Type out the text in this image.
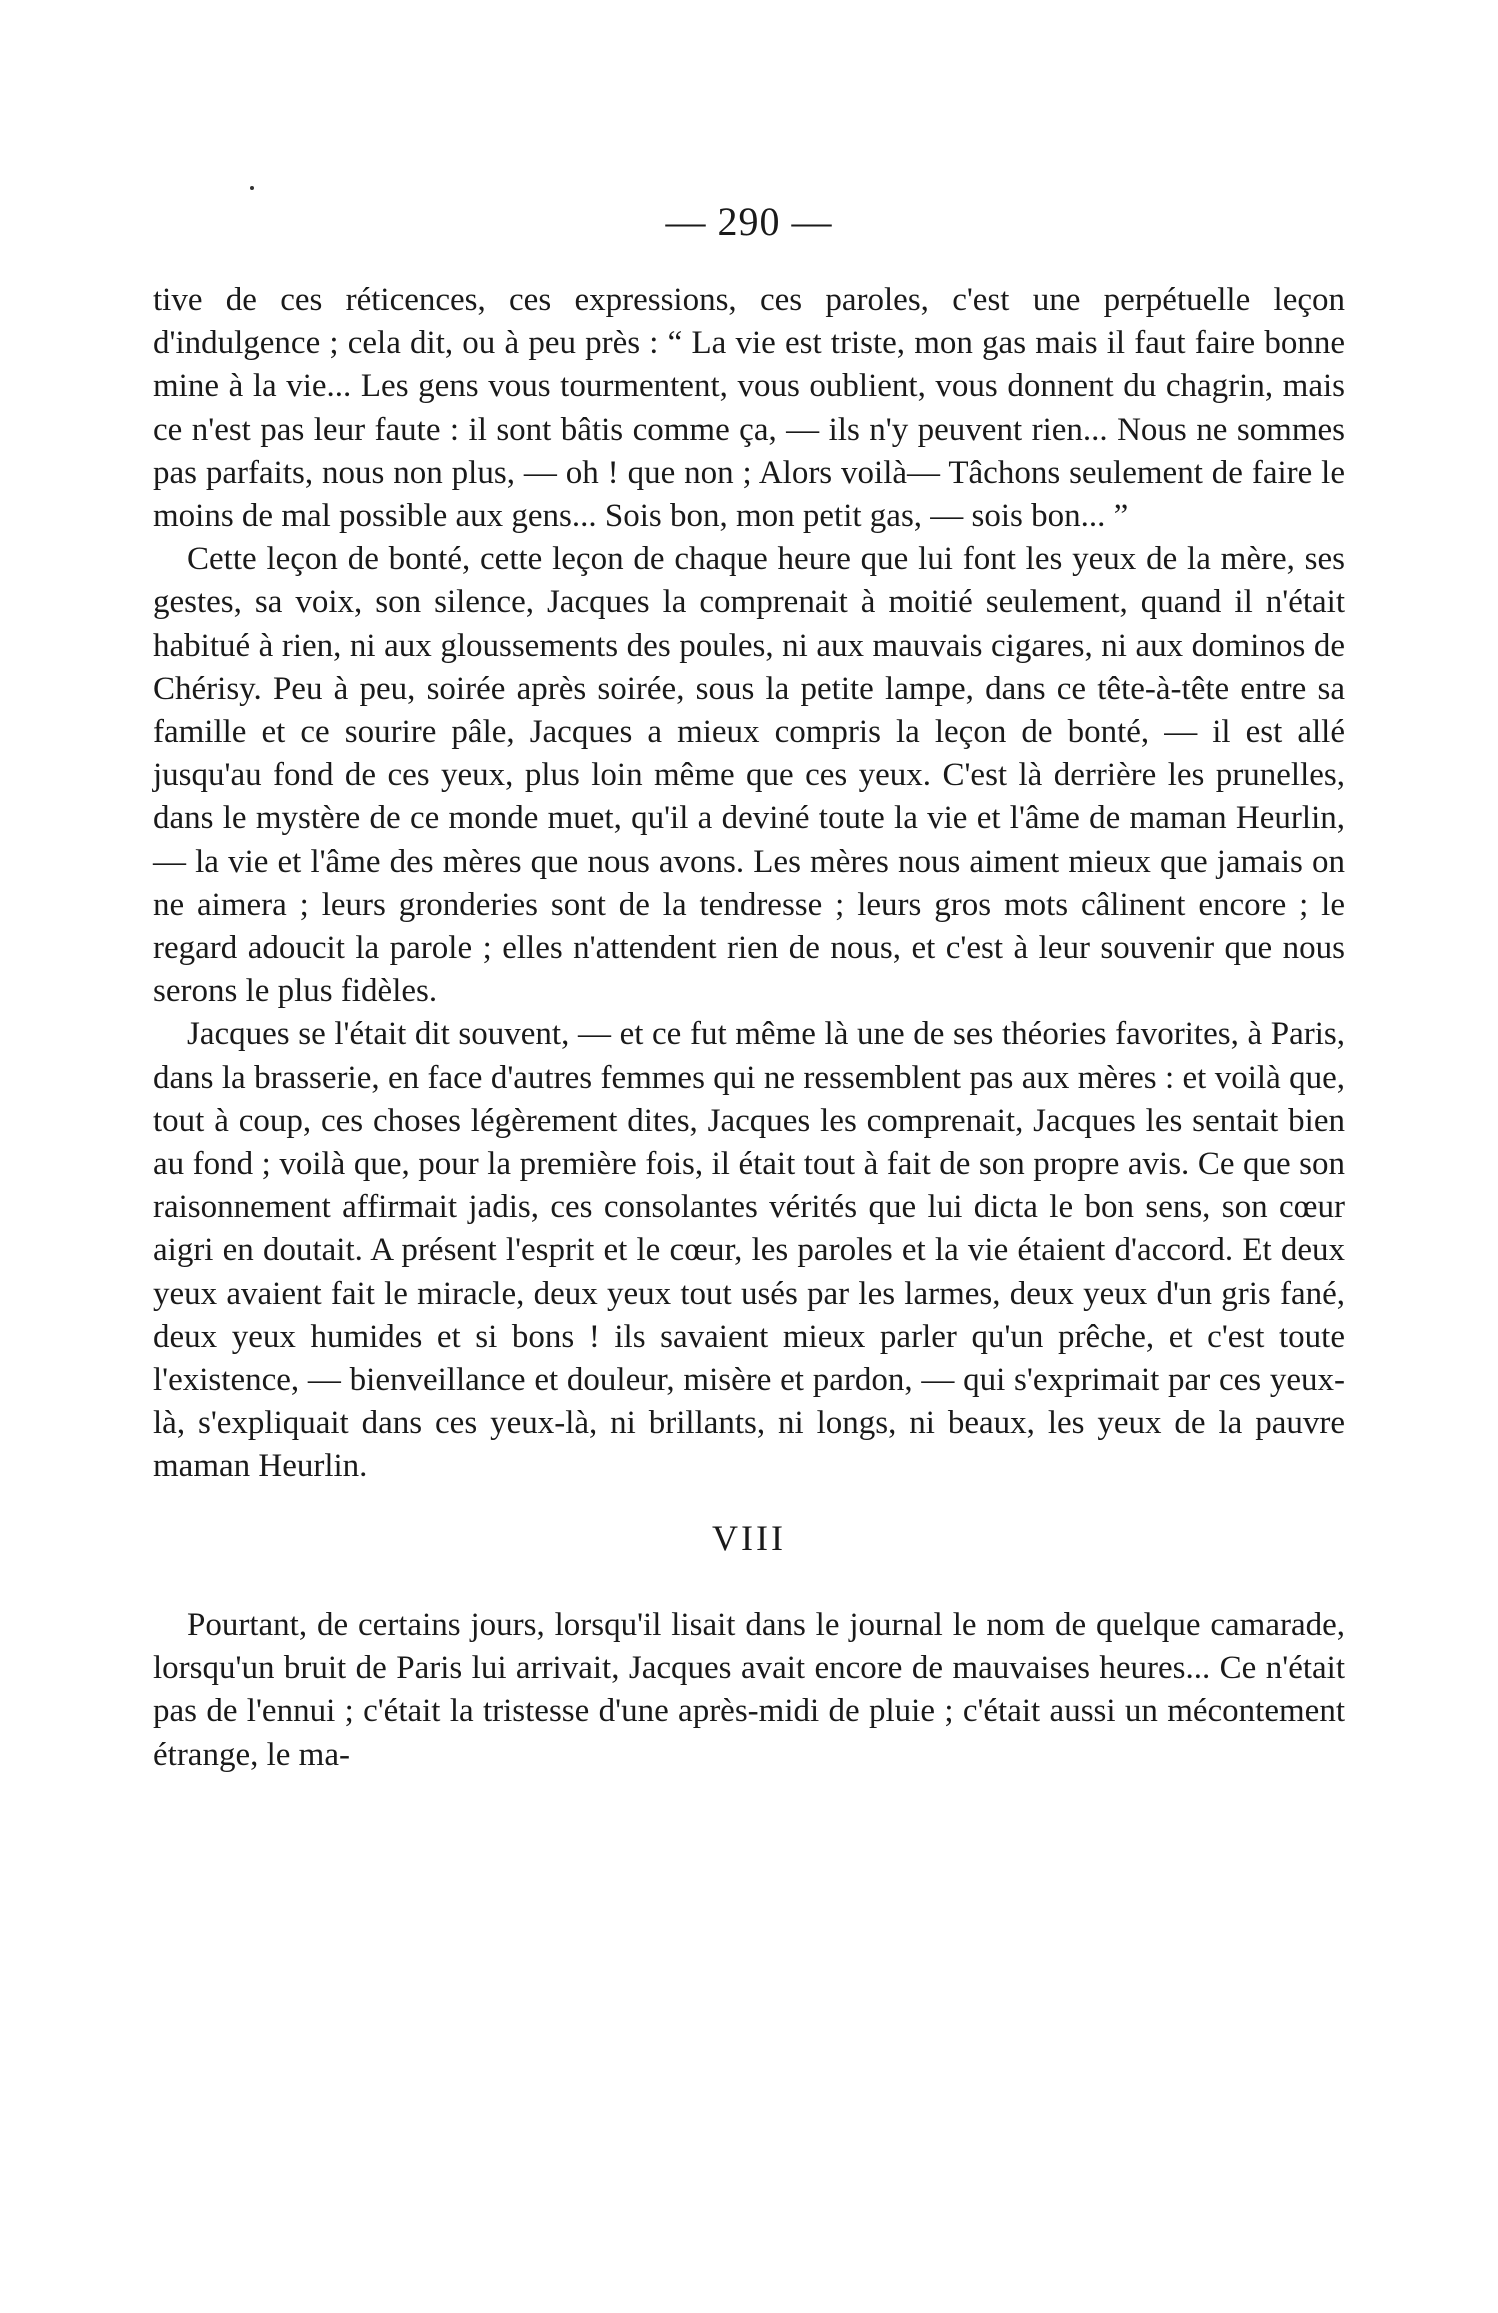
— 290 —

tive de ces réticences, ces expressions, ces paroles, c'est une perpétuelle leçon d'indulgence ; cela dit, ou à peu près : “ La vie est triste, mon gas mais il faut faire bonne mine à la vie... Les gens vous tourmentent, vous oublient, vous donnent du chagrin, mais ce n'est pas leur faute : il sont bâtis comme ça, — ils n'y peuvent rien... Nous ne sommes pas parfaits, nous non plus, — oh ! que non ; Alors voilà— Tâchons seulement de faire le moins de mal possible aux gens... Sois bon, mon petit gas, — sois bon... ”

Cette leçon de bonté, cette leçon de chaque heure que lui font les yeux de la mère, ses gestes, sa voix, son silence, Jacques la comprenait à moitié seulement, quand il n'était habitué à rien, ni aux gloussements des poules, ni aux mauvais cigares, ni aux dominos de Chérisy. Peu à peu, soirée après soirée, sous la petite lampe, dans ce tête-à-tête entre sa famille et ce sourire pâle, Jacques a mieux compris la leçon de bonté, — il est allé jusqu'au fond de ces yeux, plus loin même que ces yeux. C'est là derrière les prunelles, dans le mystère de ce monde muet, qu'il a deviné toute la vie et l'âme de maman Heurlin, — la vie et l'âme des mères que nous avons. Les mères nous aiment mieux que jamais on ne aimera ; leurs gronderies sont de la tendresse ; leurs gros mots câlinent encore ; le regard adoucit la parole ; elles n'attendent rien de nous, et c'est à leur souvenir que nous serons le plus fidèles.

Jacques se l'était dit souvent, — et ce fut même là une de ses théories favorites, à Paris, dans la brasserie, en face d'autres femmes qui ne ressemblent pas aux mères : et voilà que, tout à coup, ces choses légèrement dites, Jacques les comprenait, Jacques les sentait bien au fond ; voilà que, pour la première fois, il était tout à fait de son propre avis. Ce que son raisonnement affirmait jadis, ces consolantes vérités que lui dicta le bon sens, son cœur aigri en doutait. A présent l'esprit et le cœur, les paroles et la vie étaient d'accord. Et deux yeux avaient fait le miracle, deux yeux tout usés par les larmes, deux yeux d'un gris fané, deux yeux humides et si bons ! ils savaient mieux parler qu'un prêche, et c'est toute l'existence, — bienveillance et douleur, misère et pardon, — qui s'exprimait par ces yeux-là, s'expliquait dans ces yeux-là, ni brillants, ni longs, ni beaux, les yeux de la pauvre maman Heurlin.

VIII

Pourtant, de certains jours, lorsqu'il lisait dans le journal le nom de quelque camarade, lorsqu'un bruit de Paris lui arrivait, Jacques avait encore de mauvaises heures... Ce n'était pas de l'ennui ; c'était la tristesse d'une après-midi de pluie ; c'était aussi un mécontement étrange, le ma-
